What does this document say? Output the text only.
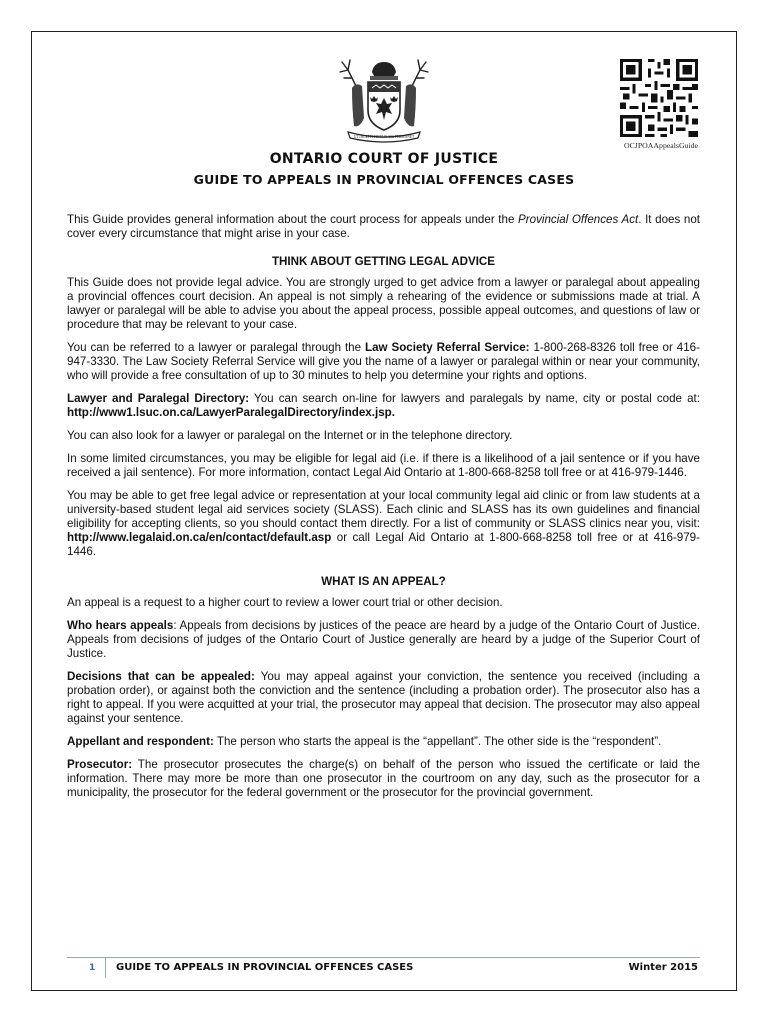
UT INCEPIT FIDELIS SIC PERMANET
OCJPOAAppealsGuide
ONTARIO COURT OF JUSTICE
GUIDE TO APPEALS IN PROVINCIAL OFFENCES CASES

This Guide provides general information about the court process for appeals under the Provincial Offences Act. It does not cover every circumstance that might arise in your case.

THINK ABOUT GETTING LEGAL ADVICE

This Guide does not provide legal advice. You are strongly urged to get advice from a lawyer or paralegal about appealing a provincial offences court decision. An appeal is not simply a rehearing of the evidence or submissions made at trial. A lawyer or paralegal will be able to advise you about the appeal process, possible appeal outcomes, and questions of law or procedure that may be relevant to your case.

You can be referred to a lawyer or paralegal through the Law Society Referral Service: 1-800-268-8326 toll free or 416-947-3330. The Law Society Referral Service will give you the name of a lawyer or paralegal within or near your community, who will provide a free consultation of up to 30 minutes to help you determine your rights and options.

Lawyer and Paralegal Directory: You can search on-line for lawyers and paralegals by name, city or postal code at: http://www1.lsuc.on.ca/LawyerParalegalDirectory/index.jsp.

You can also look for a lawyer or paralegal on the Internet or in the telephone directory.

In some limited circumstances, you may be eligible for legal aid (i.e. if there is a likelihood of a jail sentence or if you have received a jail sentence). For more information, contact Legal Aid Ontario at 1-800-668-8258 toll free or at 416-979-1446.

You may be able to get free legal advice or representation at your local community legal aid clinic or from law students at a university-based student legal aid services society (SLASS). Each clinic and SLASS has its own guidelines and financial eligibility for accepting clients, so you should contact them directly. For a list of community or SLASS clinics near you, visit: http://www.legalaid.on.ca/en/contact/default.asp or call Legal Aid Ontario at 1-800-668-8258 toll free or at 416-979-1446.

WHAT IS AN APPEAL?

An appeal is a request to a higher court to review a lower court trial or other decision.

Who hears appeals: Appeals from decisions by justices of the peace are heard by a judge of the Ontario Court of Justice. Appeals from decisions of judges of the Ontario Court of Justice generally are heard by a judge of the Superior Court of Justice.

Decisions that can be appealed: You may appeal against your conviction, the sentence you received (including a probation order), or against both the conviction and the sentence (including a probation order). The prosecutor also has a right to appeal. If you were acquitted at your trial, the prosecutor may appeal that decision. The prosecutor may also appeal against your sentence.

Appellant and respondent: The person who starts the appeal is the “appellant”. The other side is the “respondent”.

Prosecutor: The prosecutor prosecutes the charge(s) on behalf of the person who issued the certificate or laid the information. There may more be more than one prosecutor in the courtroom on any day, such as the prosecutor for a municipality, the prosecutor for the federal government or the prosecutor for the provincial government.

1 GUIDE TO APPEALS IN PROVINCIAL OFFENCES CASES	Winter 2015
